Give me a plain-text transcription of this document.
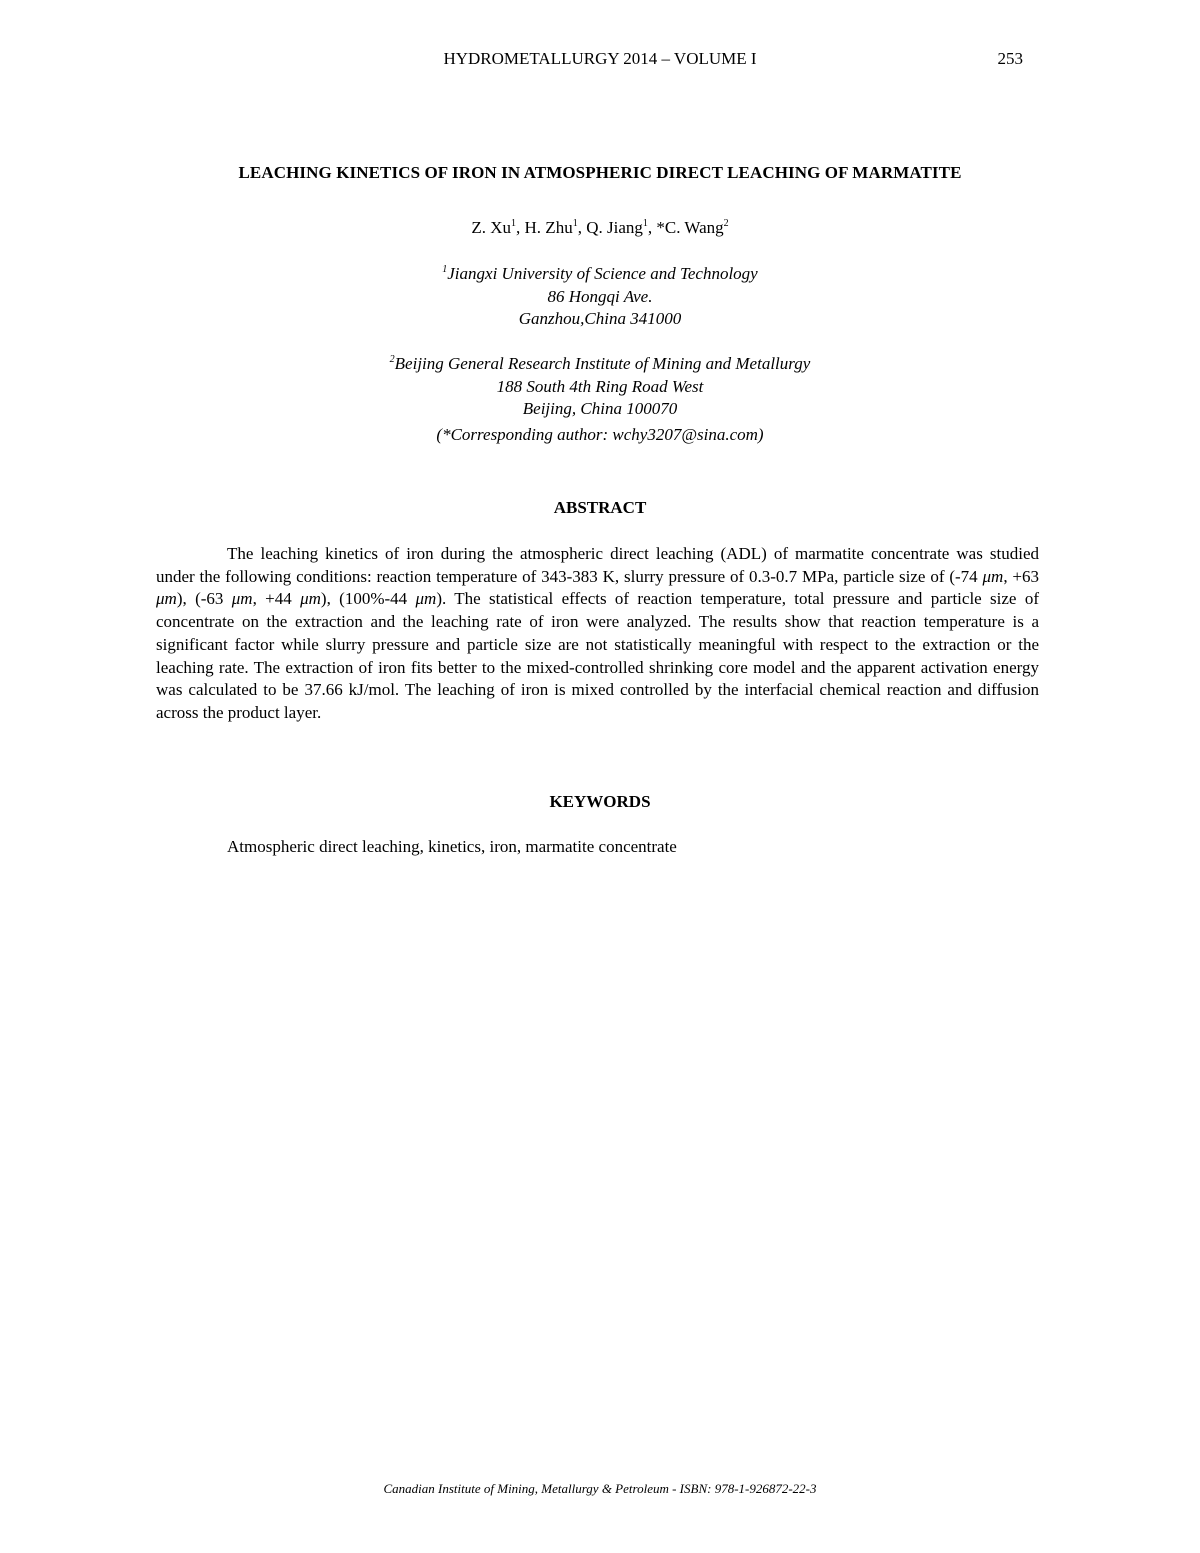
HYDROMETALLURGY 2014 – VOLUME I	253
LEACHING KINETICS OF IRON IN ATMOSPHERIC DIRECT LEACHING OF MARMATITE
Z. Xu$^1$, H. Zhu$^1$, Q. Jiang$^1$, *C. Wang$^2$
$^1$Jiangxi University of Science and Technology
86 Hongqi Ave.
Ganzhou,China 341000
$^2$Beijing General Research Institute of Mining and Metallurgy
188 South 4th Ring Road West
Beijing, China 100070
(*Corresponding author: wchy3207@sina.com)
ABSTRACT

The leaching kinetics of iron during the atmospheric direct leaching (ADL) of marmatite concentrate was studied under the following conditions: reaction temperature of 343-383 K, slurry pressure of 0.3-0.7 MPa, particle size of (-74 μm, +63 μm), (-63 μm, +44 μm), (100%-44 μm). The statistical effects of reaction temperature, total pressure and particle size of concentrate on the extraction and the leaching rate of iron were analyzed. The results show that reaction temperature is a significant factor while slurry pressure and particle size are not statistically meaningful with respect to the extraction or the leaching rate. The extraction of iron fits better to the mixed-controlled shrinking core model and the apparent activation energy was calculated to be 37.66 kJ/mol. The leaching of iron is mixed controlled by the interfacial chemical reaction and diffusion across the product layer.

KEYWORDS
Atmospheric direct leaching, kinetics, iron, marmatite concentrate
Canadian Institute of Mining, Metallurgy & Petroleum - ISBN: 978-1-926872-22-3
